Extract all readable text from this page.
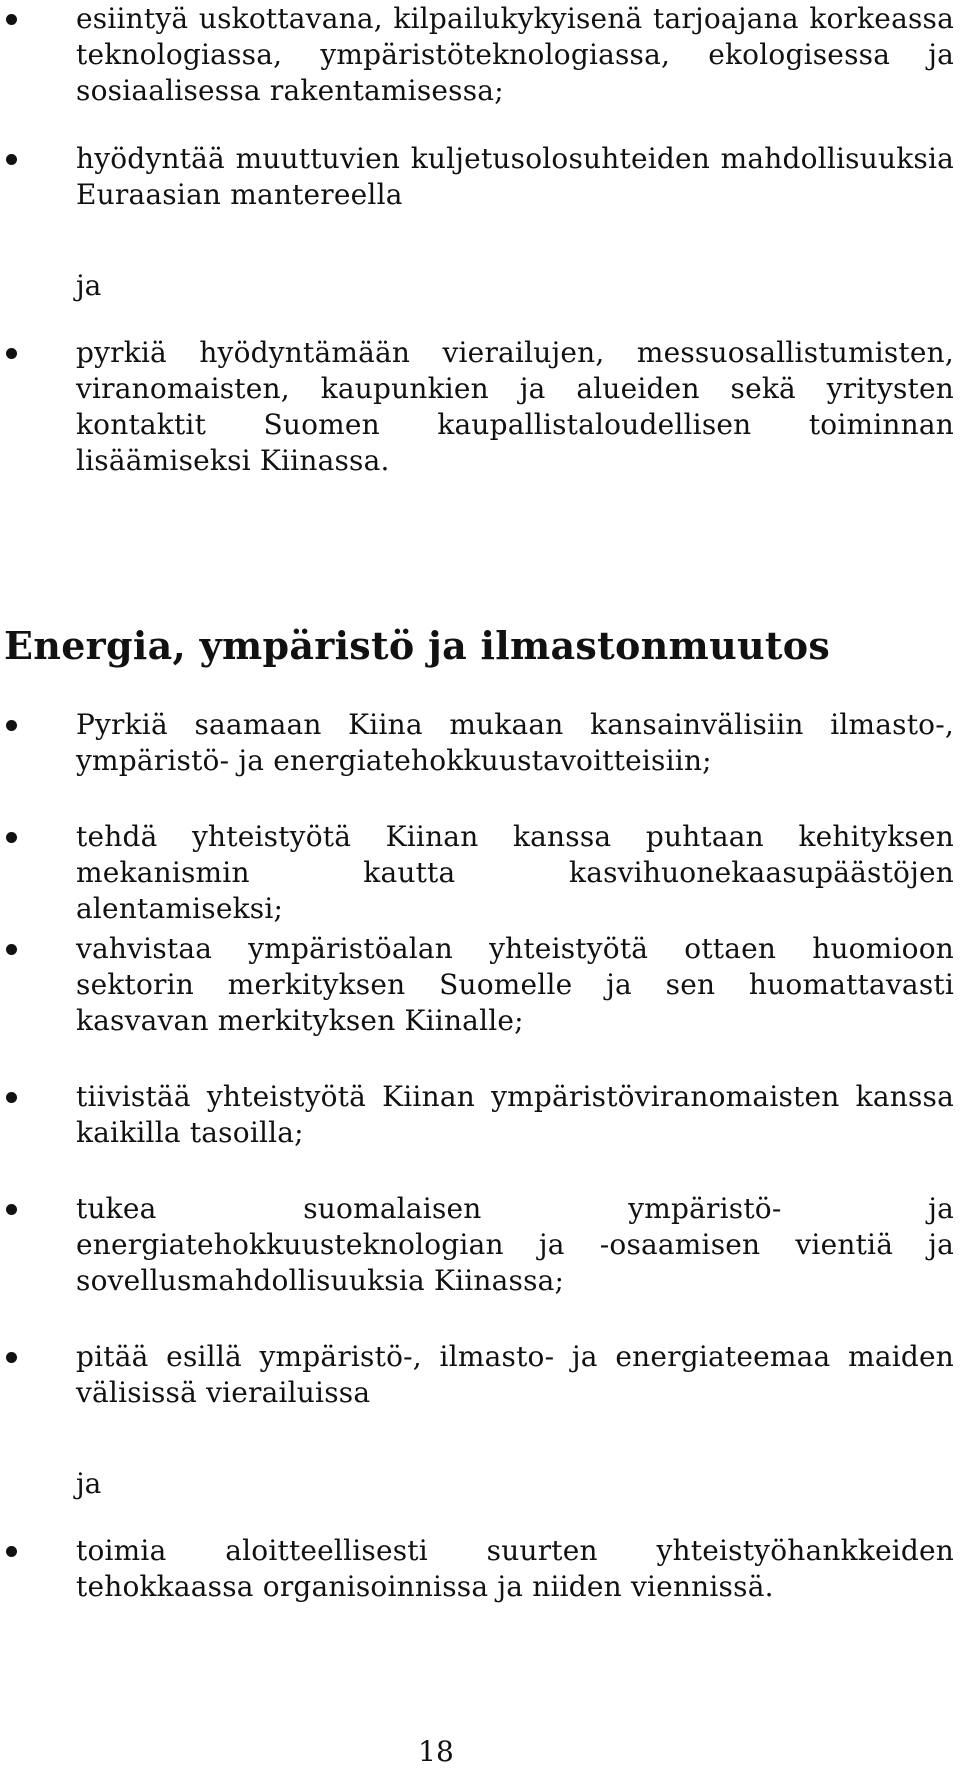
esiintyä uskottavana, kilpailukykyisenä tarjoajana korkeassa teknologiassa, ympäristöteknologiassa, ekologisessa ja sosiaalisessa rakentamisessa;
hyödyntää muuttuvien kuljetusolosuhteiden mahdollisuuksia Euraasian mantereella
ja
pyrkiä hyödyntämään vierailujen, messuosallistumisten, viranomaisten, kaupunkien ja alueiden sekä yritysten kontaktit Suomen kaupallistaloudellisen toiminnan lisäämiseksi Kiinassa.
Energia, ympäristö ja ilmastonmuutos
Pyrkiä saamaan Kiina mukaan kansainvälisiin ilmasto-, ympäristö- ja energiatehokkuustavoitteisiin;
tehdä yhteistyötä Kiinan kanssa puhtaan kehityksen mekanismin kautta kasvihuonekaasupäästöjen alentamiseksi;
vahvistaa ympäristöalan yhteistyötä ottaen huomioon sektorin merkityksen Suomelle ja sen huomattavasti kasvavan merkityksen Kiinalle;
tiivistää yhteistyötä Kiinan ympäristöviranomaisten kanssa kaikilla tasoilla;
tukea suomalaisen ympäristö- ja energiatehokkuusteknologian ja -osaamisen vientiä ja sovellusmahdollisuuksia Kiinassa;
pitää esillä ympäristö-, ilmasto- ja energiateemaa maiden välisissä vierailuissa
ja
toimia aloitteellisesti suurten yhteistyöhankkeiden tehokkaassa organisoinnissa ja niiden viennissä.
18
